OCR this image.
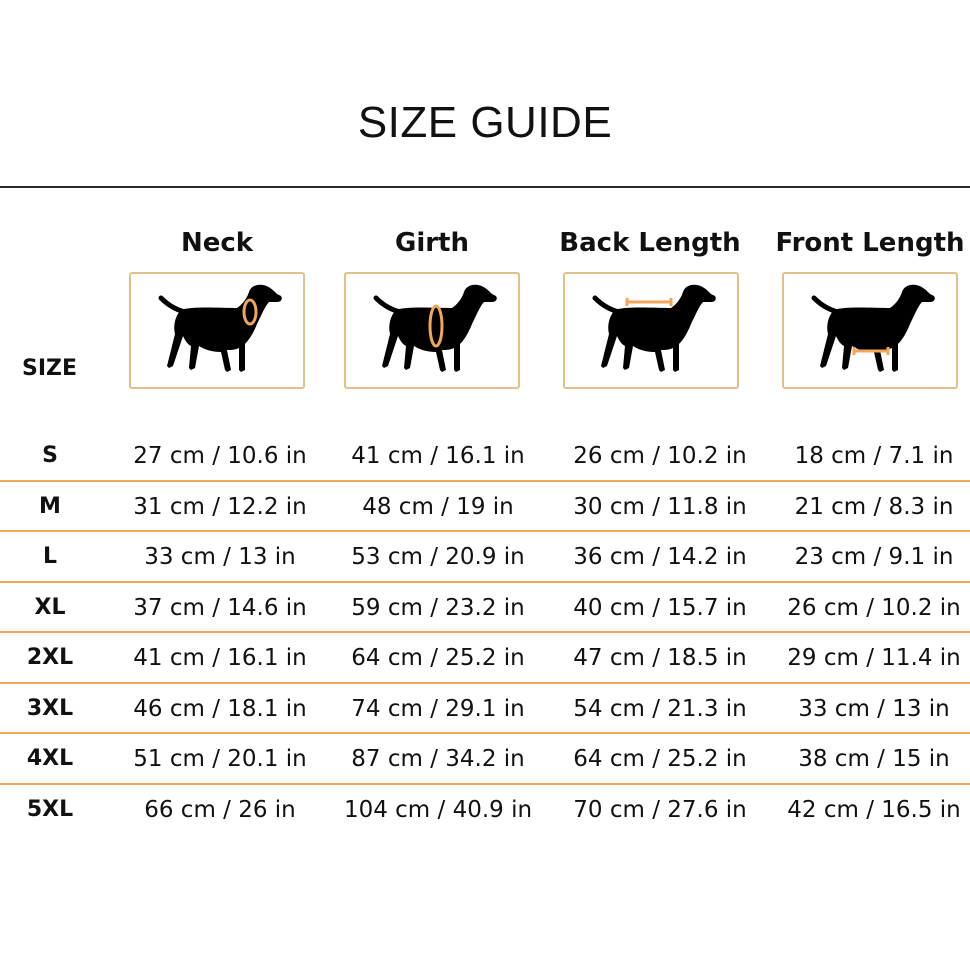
SIZE GUIDE
SIZE
Neck	Girth	Back Length	Front Length
S	27 cm / 10.6 in	41 cm / 16.1 in	26 cm / 10.2 in	18 cm / 7.1 in
M	31 cm / 12.2 in	48 cm / 19 in	30 cm / 11.8 in	21 cm / 8.3 in
L	33 cm / 13 in	53 cm / 20.9 in	36 cm / 14.2 in	23 cm / 9.1 in
XL	37 cm / 14.6 in	59 cm / 23.2 in	40 cm / 15.7 in	26 cm / 10.2 in
2XL	41 cm / 16.1 in	64 cm / 25.2 in	47 cm / 18.5 in	29 cm / 11.4 in
3XL	46 cm / 18.1 in	74 cm / 29.1 in	54 cm / 21.3 in	33 cm / 13 in
4XL	51 cm / 20.1 in	87 cm / 34.2 in	64 cm / 25.2 in	38 cm / 15 in
5XL	66 cm / 26 in	104 cm / 40.9 in	70 cm / 27.6 in	42 cm / 16.5 in
